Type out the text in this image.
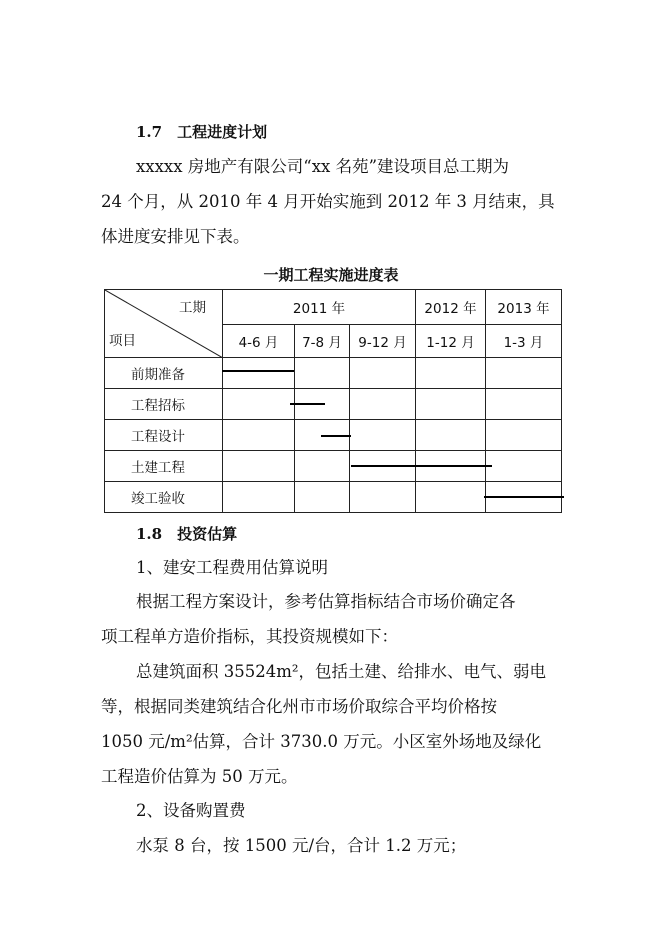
1.7　工程进度计划
xxxxx 房地产有限公司“xx 名苑”建设项目总工期为
24 个月，从 2010 年 4 月开始实施到 2012 年 3 月结束，具
体进度安排见下表。
一期工程实施进度表
工期
项目	2011 年			2012 年	2013 年
	4-6 月	7-8 月	9-12 月	1-12 月	1-3 月
前期准备					
工程招标					
工程设计					
土建工程					
竣工验收					
1.8　投资估算
1、建安工程费用估算说明
根据工程方案设计，参考估算指标结合市场价确定各
项工程单方造价指标，其投资规模如下：
总建筑面积 35524m²，包括土建、给排水、电气、弱电
等，根据同类建筑结合化州市市场价取综合平均价格按
1050 元/m²估算，合计 3730.0 万元。小区室外场地及绿化
工程造价估算为 50 万元。
2、设备购置费
水泵 8 台，按 1500 元/台，合计 1.2 万元；
